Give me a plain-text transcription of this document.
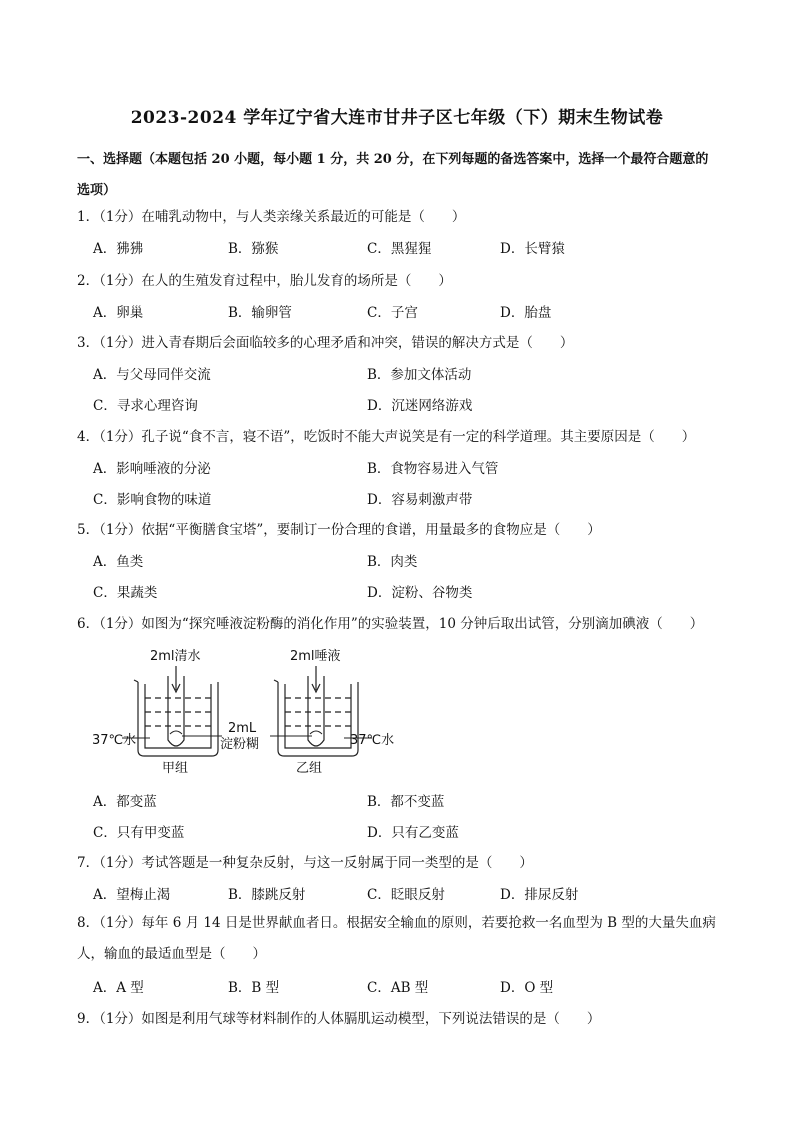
2023-2024 学年辽宁省大连市甘井子区七年级（下）期末生物试卷
一、选择题（本题包括 20 小题，每小题 1 分，共 20 分，在下列每题的备选答案中，选择一个最符合题意的选项）
1．（1分）在哺乳动物中，与人类亲缘关系最近的可能是（　　）
A．狒狒	B．猕猴	C．黑猩猩	D．长臂猿
2．（1分）在人的生殖发育过程中，胎儿发育的场所是（　　）
A．卵巢	B．输卵管	C．子宫	D．胎盘
3．（1分）进入青春期后会面临较多的心理矛盾和冲突，错误的解决方式是（　　）
A．与父母同伴交流	B．参加文体活动
C．寻求心理咨询	D．沉迷网络游戏
4．（1分）孔子说“食不言，寝不语”，吃饭时不能大声说笑是有一定的科学道理。其主要原因是（　　）
A．影响唾液的分泌	B．食物容易进入气管
C．影响食物的味道	D．容易刺激声带
5．（1分）依据“平衡膳食宝塔”，要制订一份合理的食谱，用量最多的食物应是（　　）
A．鱼类	B．肉类
C．果蔬类	D．淀粉、谷物类
6．（1分）如图为“探究唾液淀粉酶的消化作用”的实验装置，10 分钟后取出试管，分别滴加碘液（　　）
2ml清水	2ml唾液
37℃水	37℃水
2mL
淀粉糊
甲组	乙组
A．都变蓝	B．都不变蓝
C．只有甲变蓝	D．只有乙变蓝
7．（1分）考试答题是一种复杂反射，与这一反射属于同一类型的是（　　）
A．望梅止渴	B．膝跳反射	C．眨眼反射	D．排尿反射
8．（1分）每年 6 月 14 日是世界献血者日。根据安全输血的原则，若要抢救一名血型为 B 型的大量失血病人，输血的最适血型是（　　）
A．A 型	B．B 型	C．AB 型	D．O 型
9．（1分）如图是利用气球等材料制作的人体膈肌运动模型，下列说法错误的是（　　）
